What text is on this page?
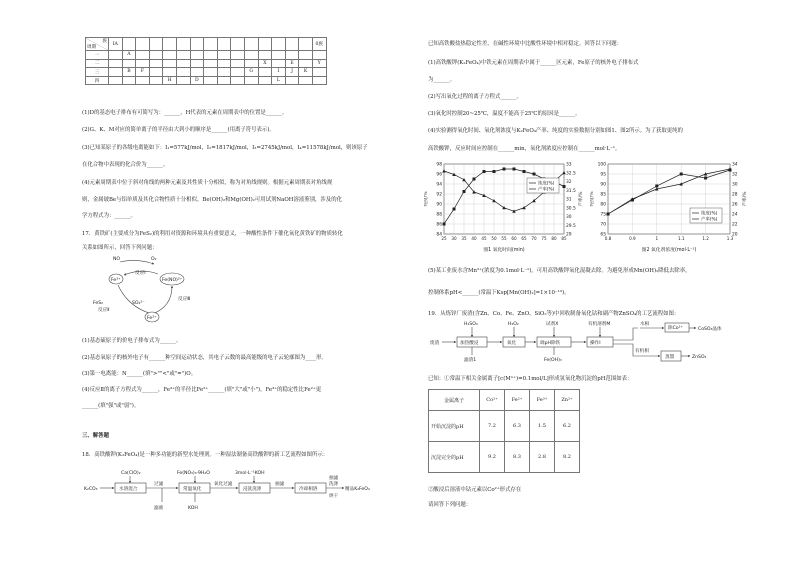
族
周期	ⅠA															0族
一		A														
二												X		E		Y
三		B	F								G		I	J	K	
四					H		D						L			
(1)D的基态电子排布有可简写为：______，H代表的元素在周期表中的位置是______。
(2)G、K、M对应的简单离子的半径由大到小的顺序是______(用离子符号表示)。
(3)已知某原子的各级电离能如下：I₁=577kJ/mol，I₂=1817kJ/mol，I₃=2745kJ/mol，I₄=11578kJ/mol，则该原子
在化合物中表现的化合价为______。
(4)元素周期表中位于斜对角线的两种元素及其性质十分相似，称为对角线规则。根据元素周期表对角线规
则，金属铍Be与铝单质及其化合物性质十分相似。Be(OH)₂和Mg(OH)₂可用试剂NaOH溶液鉴别，涉及的化
学方程式为：______。
17．黄铁矿(主要成分为FeS₂)的利用对资源和环境具有重要意义，一种酸性条件下催化氧化黄铁矿的物质转化
关系如图所示，回答下列问题：
NO	O₂
Fe³⁺	Fe(NO)²⁺
反应Ⅰ
反应Ⅲ
FeS₂
反应Ⅱ
SO₄²⁻
Fe²⁺
(1)基态硫原子的价电子排布式为______。
(2)基态氧原子的核外电子有______种空间运动状态，其电子云数的最高能级的电子云轮廓图为____形。
(3)第一电离能：N______(填">""<"或"=")O。
(4)反应Ⅱ的离子方程式为______，Fe³⁺的半径比Fe²⁺______(填"大"或"小")，Fe³⁺的稳定性比Fe²⁺更
______(填"强"或"弱")。
三、解答题
18．高铁酸钾(K₂FeO₄)是一种多功能的新型水处理剂。一种湿法制备高铁酸钾的新工艺流程如图所示：
K₂CO₃
Ca(ClO)₂
水溶混合
过滤
滤液
Fe(NO₃)₃·9H₂O
常温氧化
KOH
氧化过滤
3mol·L⁻¹KOH
浸洗洗涤
抽滤
冷却相溶
抽滤
洗涤
烘干
精品K₂FeO₄
已知高铁酸盐热稳定性差，在碱性环境中比酸性环境中相对稳定。回答以下问题：
(1)高铁酸钾(K₂FeO₄)中铁元素在周期表中属于______区元素，Fe原子的核外电子排布式
为______。
(2)写出氧化过程的离子方程式______。
(3)氧化时控制20~25℃，温度不能高于25℃的原因是______。
(4)实验测得氧化时间、氧化剂浓度与K₂FeO₄产率、纯度的实验数据分别如图1、图2所示。为了获取更纯的
高铁酸钾，反应时间应控制在______min，氧化剂浓度应控制在______mol·L⁻¹。
84
86
88
90
92
94
96
98
29
29.5
30
30.5
31
31.5
32
32.5
33
25 30 35 40 45 50 55 60 65 70 75 80 85
图1 氧化时间(min)
纯度/%	产率/%
纯度(%)
产率(%)
65
70
75
80
85
90
95
100
20
22
24
26
28
30
32
34
0.8	0.9	1	1.1	1.2	1.3
图2 氧化剂浓度(mol·L⁻¹)
纯度/%	产率/%
纯度(%)
产率(%)
(5)某工业废水含Mn²⁺(浓度为0.1mol·L⁻¹)，可用高铁酸钾氧化混凝去除。为避免形成Mn(OH)₂降低去除率，
控制体系pH<______(常温下Ksp[Mn(OH)₂]=1×10⁻¹³)。
19．从炼锌厂废渣(含Zn、Co、Fe、ZnO、SiO₂等)中回收制备氧化钴和副产物ZnSO₄的工艺流程如图：
H₂SO₄	H₂O₂	试剂X	有机溶剂M	水相
除Co²⁺	CoSO₄晶体
废渣	加热酸浸
滤渣1
氧化	调pH除铁
Fe(OH)₃
操作Ⅰ
有机相
蒸馏	ZnSO₄
已知：①常温下相关金属离子[c(Mⁿ⁺)=0.1mol/L]形成氢氧化物沉淀的pH范围如表：
金属离子	Co²⁺	Fe²⁺	Fe³⁺	Zn²⁺
开始沉淀的pH	7.2	6.3	1.5	6.2
沉淀完全的pH	9.2	8.3	2.8	8.2
②酸浸后溶液中钴元素以Co²⁺形式存在
请回答下列问题：
